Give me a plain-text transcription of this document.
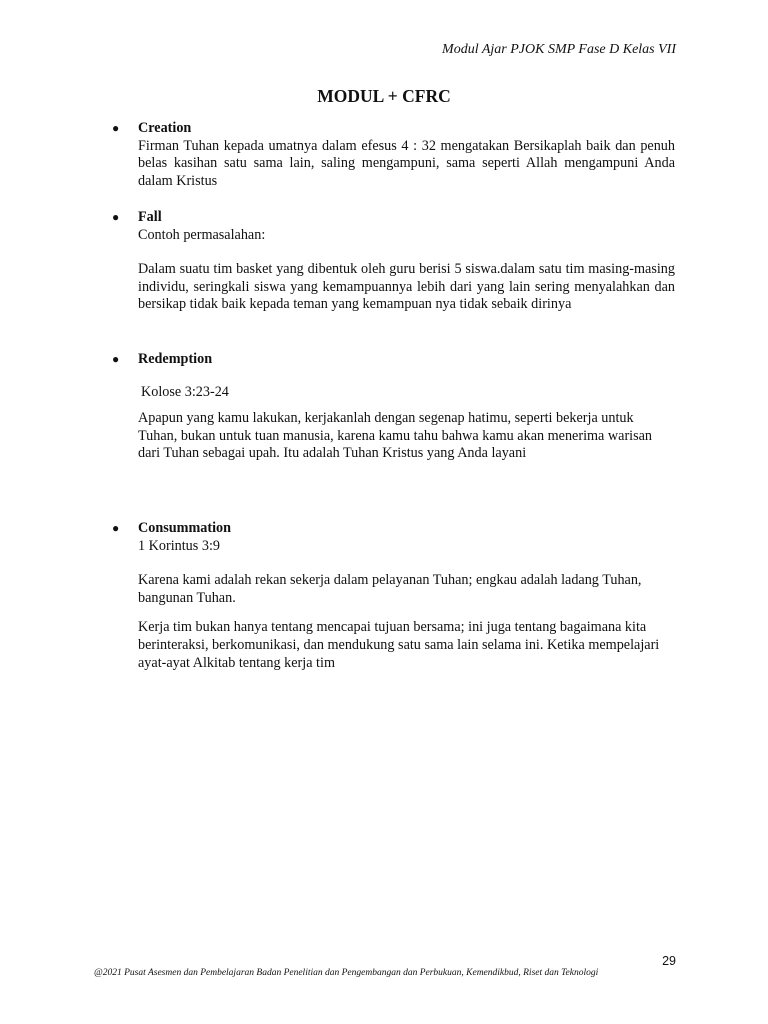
Modul Ajar PJOK SMP Fase D Kelas VII
MODUL + CFRC
● Creation

Firman Tuhan kepada umatnya dalam efesus 4 : 32 mengatakan Bersikaplah baik dan penuh belas kasihan satu sama lain, saling mengampuni, sama seperti Allah mengampuni Anda dalam Kristus

● Fall

Contoh permasalahan:

Dalam suatu tim basket yang dibentuk oleh guru berisi 5 siswa.dalam satu tim masing-masing individu, seringkali siswa yang kemampuannya lebih dari yang lain sering menyalahkan dan bersikap tidak baik kepada teman yang kemampuan nya tidak sebaik dirinya

● Redemption

Kolose 3:23-24

Apapun yang kamu lakukan, kerjakanlah dengan segenap hatimu, seperti bekerja untuk Tuhan, bukan untuk tuan manusia, karena kamu tahu bahwa kamu akan menerima warisan dari Tuhan sebagai upah. Itu adalah Tuhan Kristus yang Anda layani

● Consummation

1 Korintus 3:9

Karena kami adalah rekan sekerja dalam pelayanan Tuhan; engkau adalah ladang Tuhan, bangunan Tuhan.

Kerja tim bukan hanya tentang mencapai tujuan bersama; ini juga tentang bagaimana kita berinteraksi, berkomunikasi, dan mendukung satu sama lain selama ini. Ketika mempelajari ayat-ayat Alkitab tentang kerja tim

29
@2021 Pusat Asesmen dan Pembelajaran Badan Penelitian dan Pengembangan dan Perbukuan, Kemendikbud, Riset dan Teknologi
